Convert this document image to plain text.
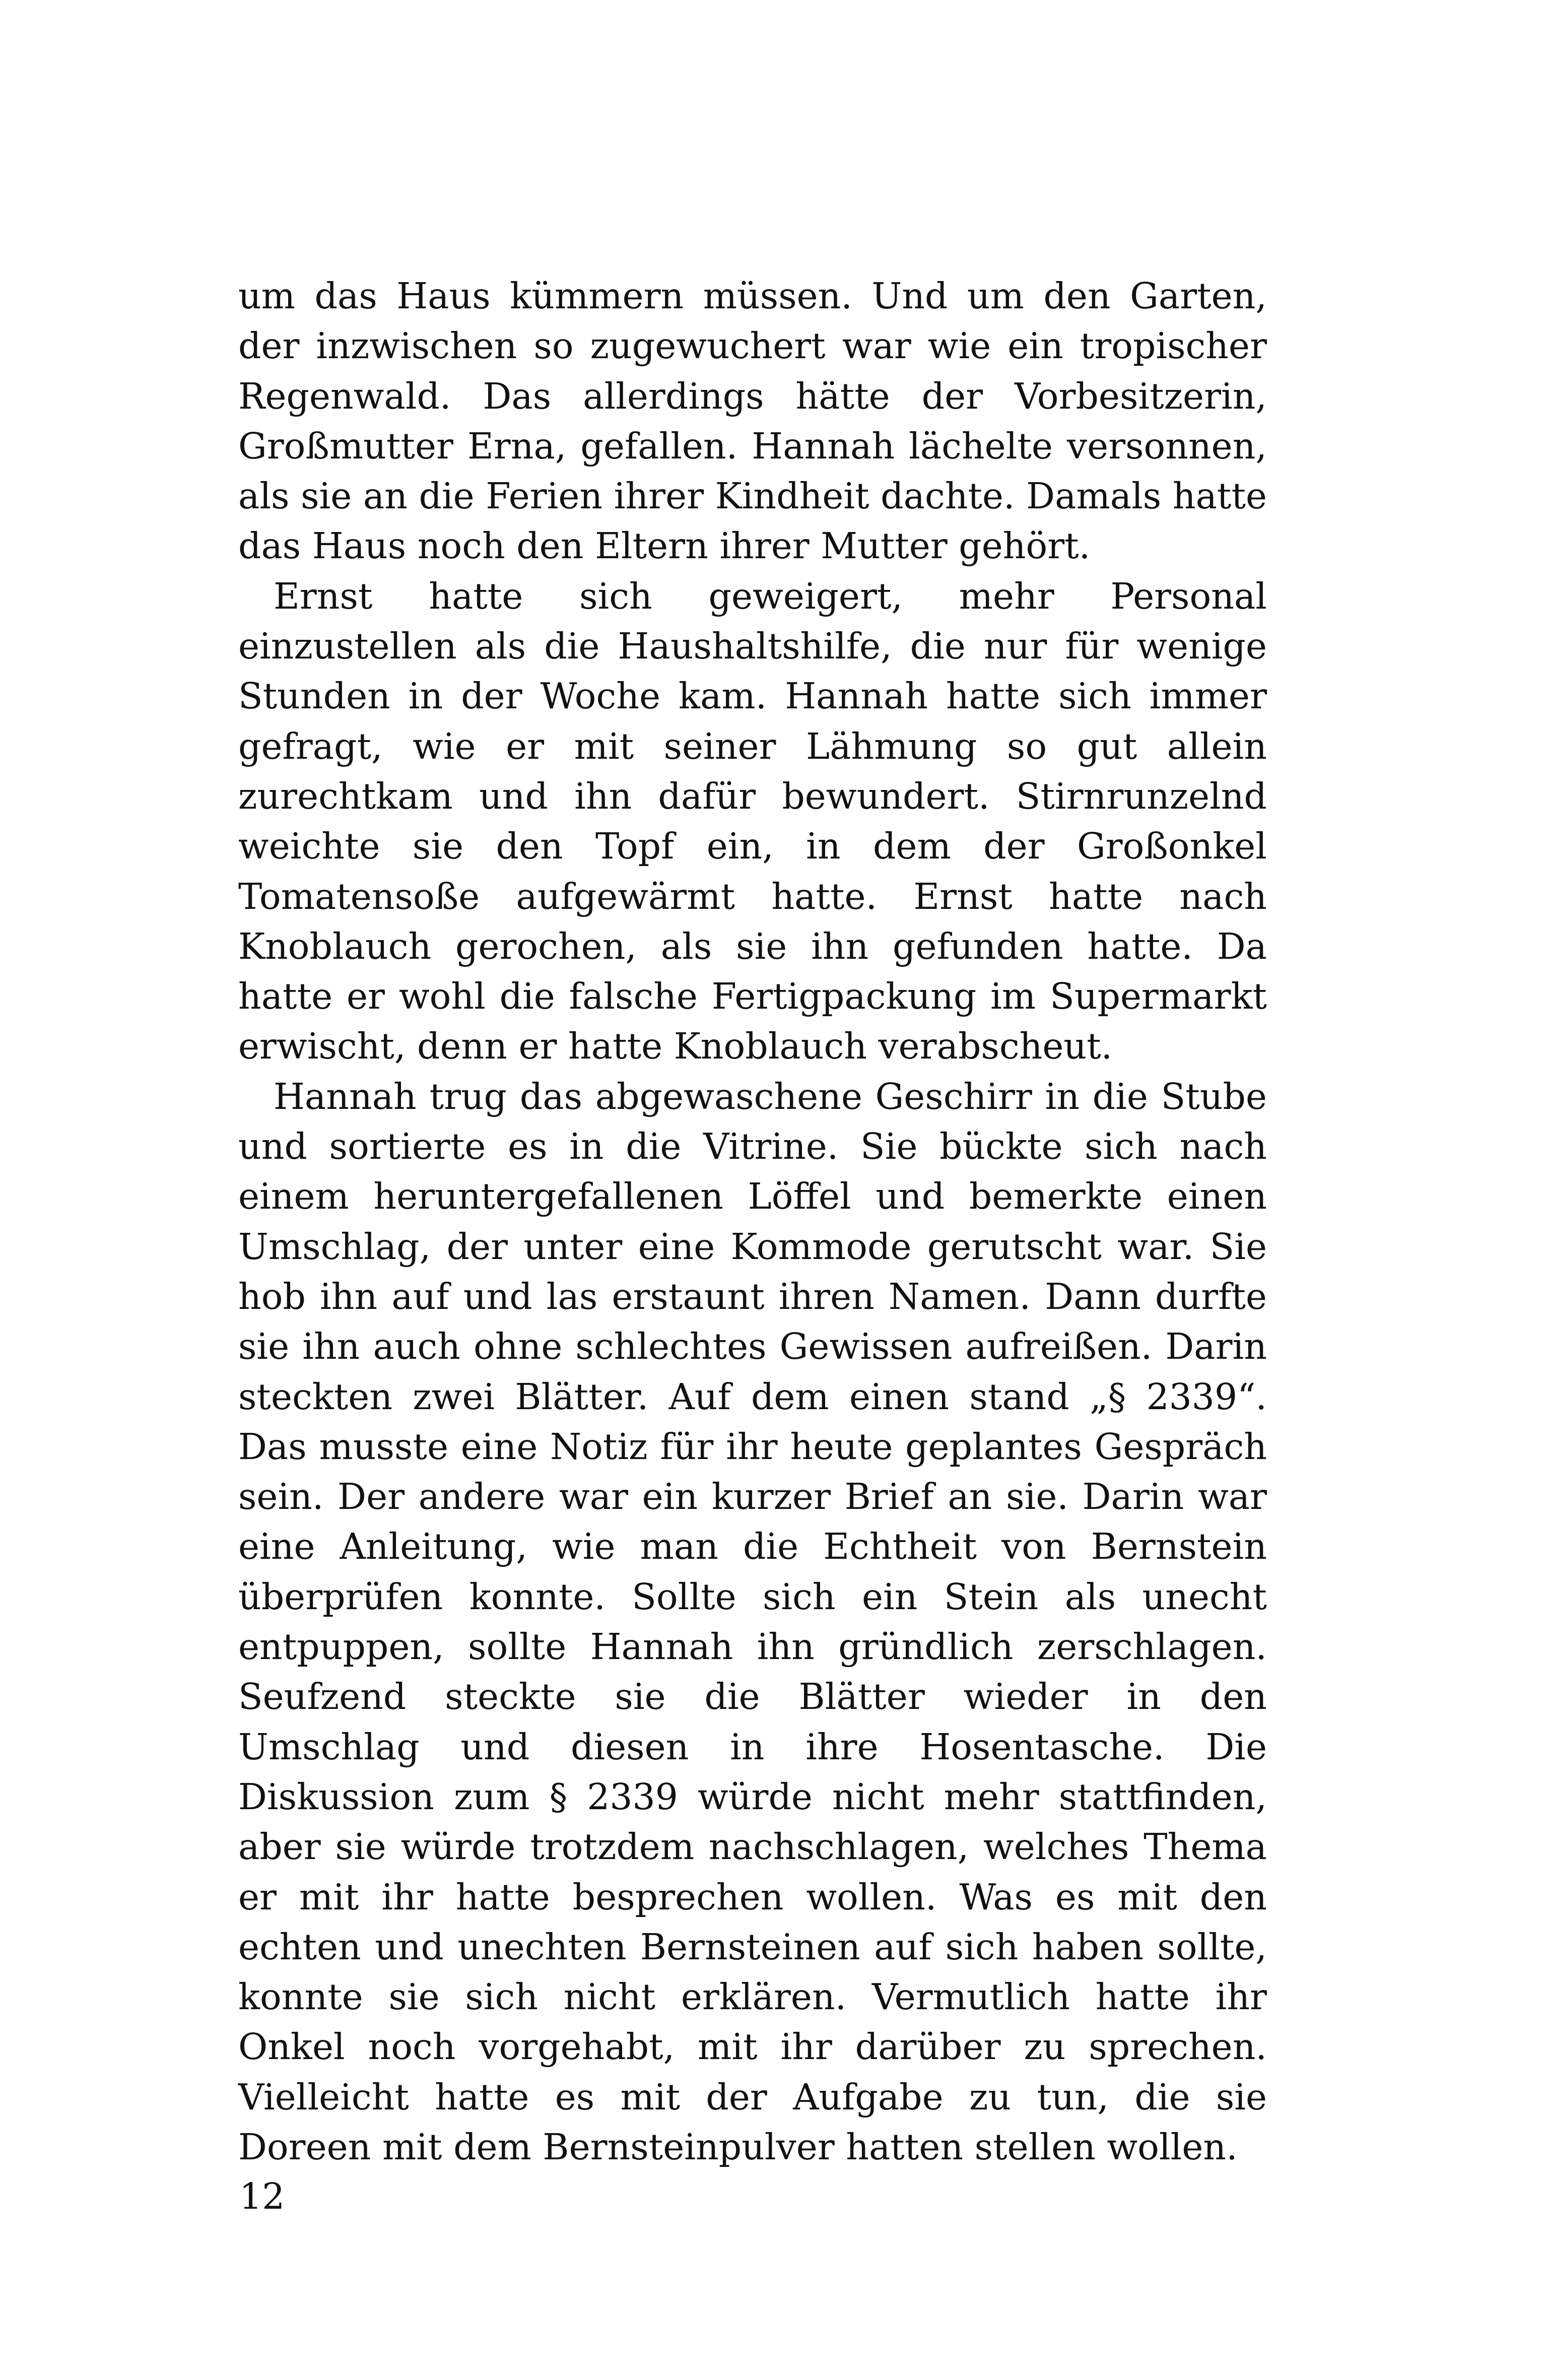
um das Haus kümmern müssen. Und um den Garten, der inzwischen so zugewuchert war wie ein tropischer Regenwald. Das allerdings hätte der Vorbesitzerin, Großmutter Erna, gefallen. Hannah lächelte versonnen, als sie an die Ferien ihrer Kindheit dachte. Damals hatte das Haus noch den Eltern ihrer Mutter gehört.

Ernst hatte sich geweigert, mehr Personal einzustellen als die Haushaltshilfe, die nur für wenige Stunden in der Woche kam. Hannah hatte sich immer gefragt, wie er mit seiner Lähmung so gut allein zurechtkam und ihn dafür bewundert. Stirnrunzelnd weichte sie den Topf ein, in dem der Großonkel Tomatensoße aufgewärmt hatte. Ernst hatte nach Knoblauch gerochen, als sie ihn gefunden hatte. Da hatte er wohl die falsche Fertigpackung im Supermarkt erwischt, denn er hatte Knoblauch verabscheut.

Hannah trug das abgewaschene Geschirr in die Stube und sortierte es in die Vitrine. Sie bückte sich nach einem heruntergefallenen Löffel und bemerkte einen Umschlag, der unter eine Kommode gerutscht war. Sie hob ihn auf und las erstaunt ihren Namen. Dann durfte sie ihn auch ohne schlechtes Gewissen aufreißen. Darin steckten zwei Blätter. Auf dem einen stand „§ 2339“. Das musste eine Notiz für ihr heute geplantes Gespräch sein. Der andere war ein kurzer Brief an sie. Darin war eine Anleitung, wie man die Echtheit von Bernstein überprüfen konnte. Sollte sich ein Stein als unecht entpuppen, sollte Hannah ihn gründlich zerschlagen. Seufzend steckte sie die Blätter wieder in den Umschlag und diesen in ihre Hosentasche. Die Diskussion zum § 2339 würde nicht mehr stattfinden, aber sie würde trotzdem nachschlagen, welches Thema er mit ihr hatte besprechen wollen. Was es mit den echten und unechten Bernsteinen auf sich haben sollte, konnte sie sich nicht erklären. Vermutlich hatte ihr Onkel noch vorgehabt, mit ihr darüber zu sprechen. Vielleicht hatte es mit der Aufgabe zu tun, die sie Doreen mit dem Bernsteinpulver hatten stellen wollen.

12
